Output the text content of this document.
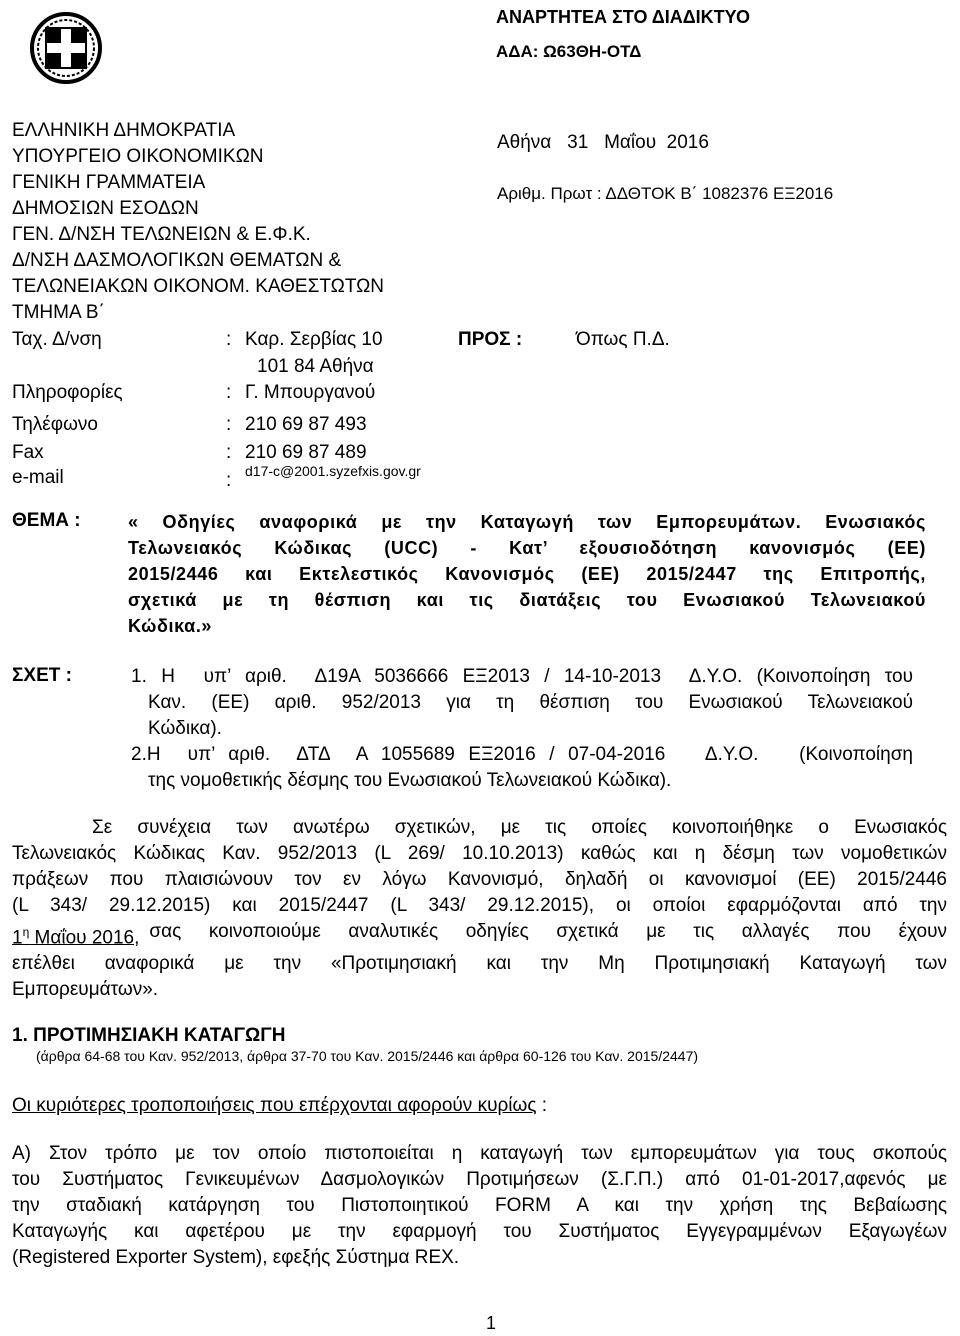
ΑΝΑΡΤΗΤΕΑ ΣΤΟ ΔΙΑΔΙΚΤΥΟ
ΑΔΑ: Ω63ΘΗ-ΟΤΔ
ΕΛΛΗΝΙΚΗ ΔΗΜΟΚΡΑΤΙΑ
ΥΠΟΥΡΓΕΙΟ ΟΙΚΟΝΟΜΙΚΩΝ
ΓΕΝΙΚΗ ΓΡΑΜΜΑΤΕΙΑ
ΔΗΜΟΣΙΩΝ ΕΣΟΔΩΝ
ΓΕΝ. Δ/ΝΣΗ ΤΕΛΩΝΕΙΩΝ & Ε.Φ.Κ.
Δ/ΝΣΗ ΔΑΣΜΟΛΟΓΙΚΩΝ ΘΕΜΑΤΩΝ &
ΤΕΛΩΝΕΙΑΚΩΝ ΟΙΚΟΝΟΜ. ΚΑΘΕΣΤΩΤΩΝ
ΤΜΗΜΑ Β΄
Ταχ. Δ/νση	: Καρ. Σερβίας 10
101 84 Αθήνα
Πληροφορίες	: Γ. Μπουργανού
Τηλέφωνο	: 210 69 87 493
Fax	: 210 69 87 489
e-mail	: d17-c@2001.syzefxis.gov.gr
Αθήνα   31   Μαΐου  2016
Αριθμ. Πρωτ : ΔΔΘΤΟΚ Β΄ 1082376 ΕΞ2016
ΠΡΟΣ :	Όπως Π.Δ.
ΘΕΜΑ :	« Οδηγίες αναφορικά με την Καταγωγή των Εμπορευμάτων. Ενωσιακός
Τελωνειακός Κώδικας (UCC) - Κατ’ εξουσιοδότηση κανονισμός (ΕΕ)
2015/2446 και Εκτελεστικός Κανονισμός (ΕΕ) 2015/2447 της Επιτροπής,
σχετικά με τη θέσπιση και τις διατάξεις του Ενωσιακού Τελωνειακού
Κώδικα.»
ΣΧΕΤ :	1. Η  υπ’ αριθ.  Δ19Α 5036666 ΕΞ2013 / 14-10-2013  Δ.Υ.Ο. (Κοινοποίηση του
Καν. (ΕΕ) αριθ. 952/2013 για τη θέσπιση του Ενωσιακού Τελωνειακού
Κώδικα).
2.Η  υπ’ αριθ.  ΔΤΔ  Α 1055689 ΕΞ2016 / 07-04-2016   Δ.Υ.Ο.   (Κοινοποίηση
της νομοθετικής δέσμης του Ενωσιακού Τελωνειακού Κώδικα).
Σε συνέχεια των ανωτέρω σχετικών, με τις οποίες κοινοποιήθηκε ο Ενωσιακός
Τελωνειακός Κώδικας Καν. 952/2013 (L 269/ 10.10.2013) καθώς και η δέσμη των νομοθετικών
πράξεων που πλαισιώνουν τον εν λόγω Κανονισμό, δηλαδή οι κανονισμοί (ΕΕ) 2015/2446
(L 343/ 29.12.2015) και 2015/2447 (L 343/ 29.12.2015), οι οποίοι εφαρμόζονται από την
$1^\eta$ Μαΐου 2016, σας κοινοποιούμε αναλυτικές οδηγίες σχετικά με τις αλλαγές που έχουν
επέλθει αναφορικά με την «Προτιμησιακή και την Μη Προτιμησιακή Καταγωγή των
Εμπορευμάτων».
1. ΠΡΟΤΙΜΗΣΙΑΚΗ ΚΑΤΑΓΩΓΗ
(άρθρα 64-68 του Καν. 952/2013, άρθρα 37-70 του Καν. 2015/2446 και άρθρα 60-126 του Καν. 2015/2447)
Οι κυριότερες τροποποιήσεις που επέρχονται αφορούν κυρίως :
Α) Στον τρόπο με τον οποίο πιστοποιείται η καταγωγή των εμπορευμάτων για τους σκοπούς
του Συστήματος Γενικευμένων Δασμολογικών Προτιμήσεων (Σ.Γ.Π.) από 01-01-2017,αφενός με
την σταδιακή κατάργηση του Πιστοποιητικού FORM A και την χρήση της Βεβαίωσης
Καταγωγής και αφετέρου με την εφαρμογή του Συστήματος Εγγεγραμμένων Εξαγωγέων
(Registered Exporter System), εφεξής Σύστημα REX.
1
